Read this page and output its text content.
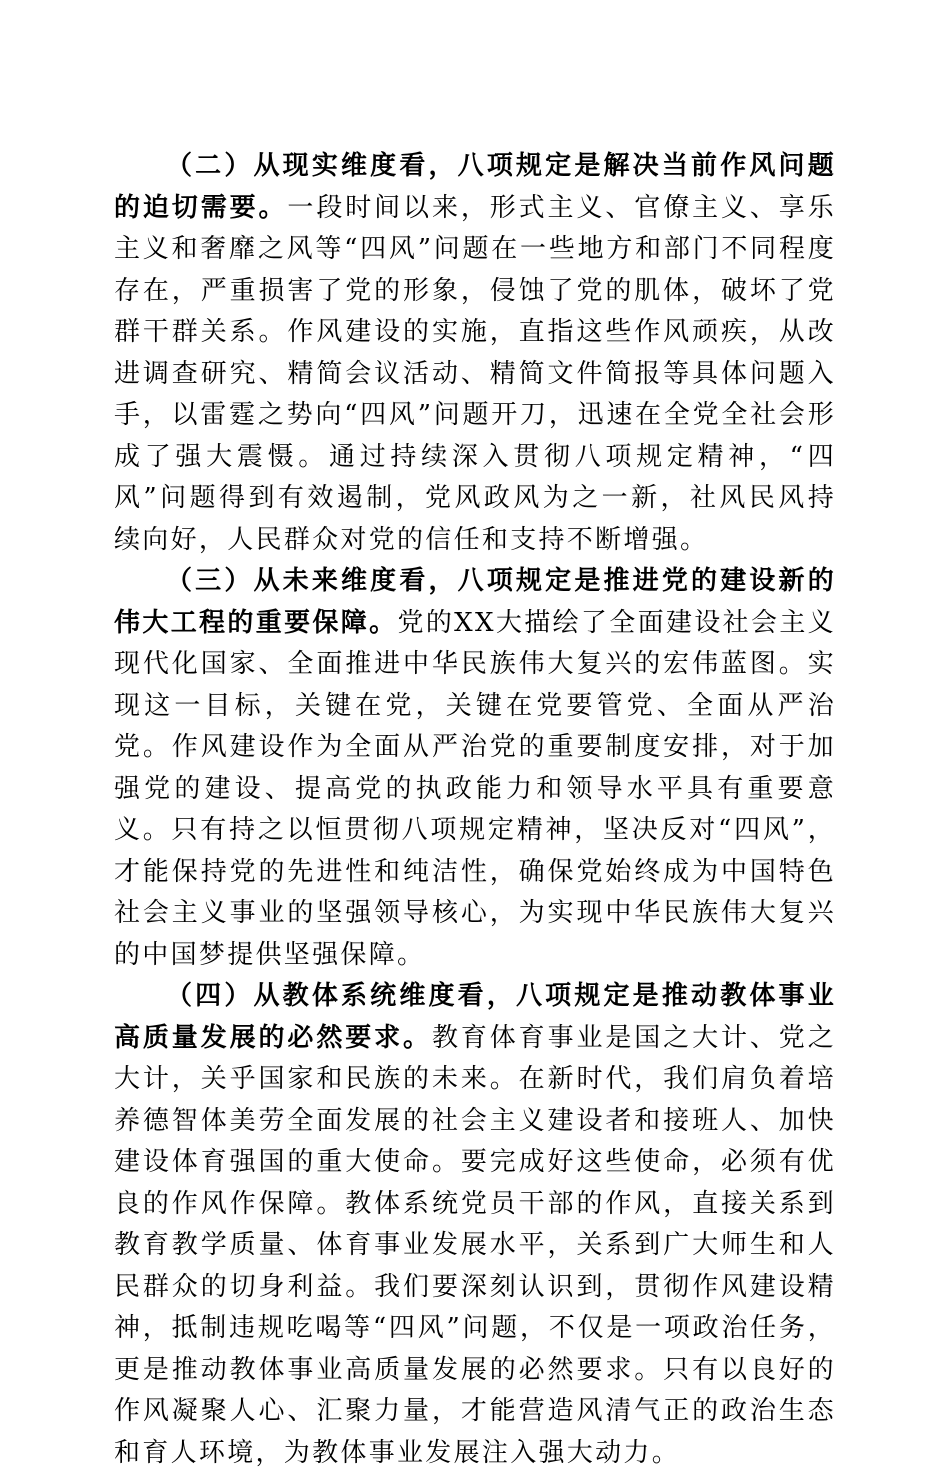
（二）从现实维度看，八项规定是解决当前作风问题的迫切需要。一段时间以来，形式主义、官僚主义、享乐主义和奢靡之风等“四风”问题在一些地方和部门不同程度存在，严重损害了党的形象，侵蚀了党的肌体，破坏了党群干群关系。作风建设的实施，直指这些作风顽疾，从改进调查研究、精简会议活动、精简文件简报等具体问题入手，以雷霆之势向“四风”问题开刀，迅速在全党全社会形成了强大震慑。通过持续深入贯彻八项规定精神，“四风”问题得到有效遏制，党风政风为之一新，社风民风持续向好，人民群众对党的信任和支持不断增强。

（三）从未来维度看，八项规定是推进党的建设新的伟大工程的重要保障。党的XX大描绘了全面建设社会主义现代化国家、全面推进中华民族伟大复兴的宏伟蓝图。实现这一目标，关键在党，关键在党要管党、全面从严治党。作风建设作为全面从严治党的重要制度安排，对于加强党的建设、提高党的执政能力和领导水平具有重要意义。只有持之以恒贯彻八项规定精神，坚决反对“四风”，才能保持党的先进性和纯洁性，确保党始终成为中国特色社会主义事业的坚强领导核心，为实现中华民族伟大复兴的中国梦提供坚强保障。

（四）从教体系统维度看，八项规定是推动教体事业高质量发展的必然要求。教育体育事业是国之大计、党之大计，关乎国家和民族的未来。在新时代，我们肩负着培养德智体美劳全面发展的社会主义建设者和接班人、加快建设体育强国的重大使命。要完成好这些使命，必须有优良的作风作保障。教体系统党员干部的作风，直接关系到教育教学质量、体育事业发展水平，关系到广大师生和人民群众的切身利益。我们要深刻认识到，贯彻作风建设精神，抵制违规吃喝等“四风”问题，不仅是一项政治任务，更是推动教体事业高质量发展的必然要求。只有以良好的作风凝聚人心、汇聚力量，才能营造风清气正的政治生态和育人环境，为教体事业发展注入强大动力。
